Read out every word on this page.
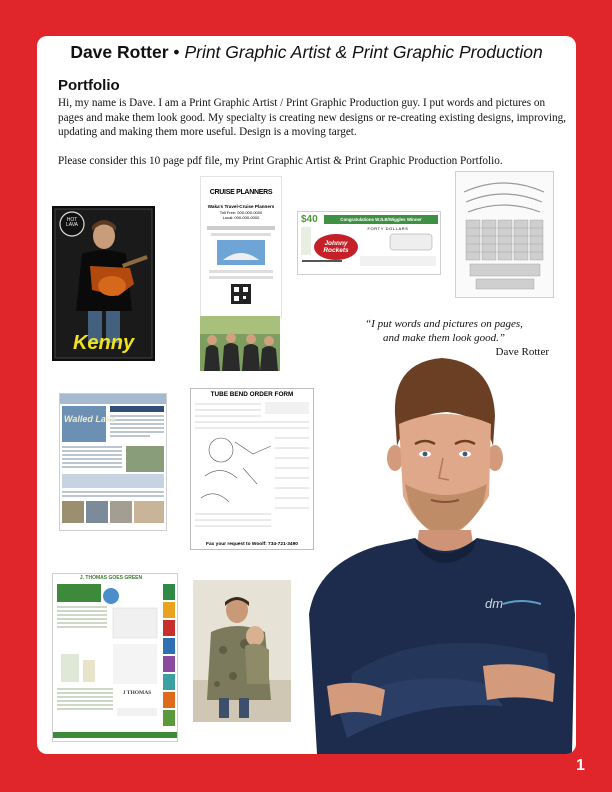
Dave Rotter • Print Graphic Artist & Print Graphic Production
Portfolio

Hi, my name is Dave. I am a Print Graphic Artist / Print Graphic Production guy. I put words and pictures on pages and make them look good. My specialty is creating new designs or re-creating existing designs, improving, updating and making them more useful. Design is a moving target.

Please consider this 10 page pdf file, my Print Graphic Artist & Print Graphic Production Portfolio.

HOT LAVA
Kenny
CRUISE PLANNERS
Waka's Travel-Cruise Planners
Toll Free: 000-000-0000
Local: 000-000-0000	$40	Congratulations WJLB/Wiggles Winner
FORTY DOLLARS
Johnny Rockets
“I put words and pictures on pages,
and make them look good.”
Dave Rotter
Walled Lake
TUBE BEND ORDER FORM
Fax your request to Woolf: 734-721-3490
J. THOMAS GOES GREEN
J THOMAS
dm
1
